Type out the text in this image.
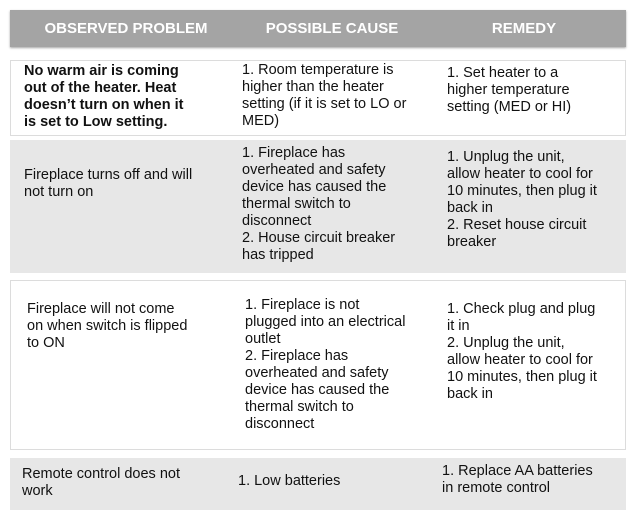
OBSERVED PROBLEM	POSSIBLE CAUSE	REMEDY
No warm air is coming
out of the heater. Heat
doesn’t turn on when it
is set to Low setting.
1. Room temperature is
higher than the heater
setting (if it is set to LO or
MED)
1. Set heater to a
higher temperature
setting (MED or HI)
Fireplace turns off and will
not turn on
1. Fireplace has
overheated and safety
device has caused the
thermal switch to
disconnect
2. House circuit breaker
has tripped
1. Unplug the unit,
allow heater to cool for
10 minutes, then plug it
back in
2. Reset house circuit
breaker
Fireplace will not come
on when switch is flipped
to ON
1. Fireplace is not
plugged into an electrical
outlet
2. Fireplace has
overheated and safety
device has caused the
thermal switch to
disconnect
1. Check plug and plug
it in
2. Unplug the unit,
allow heater to cool for
10 minutes, then plug it
back in
Remote control does not
work
1. Low batteries
1. Replace AA batteries
in remote control
